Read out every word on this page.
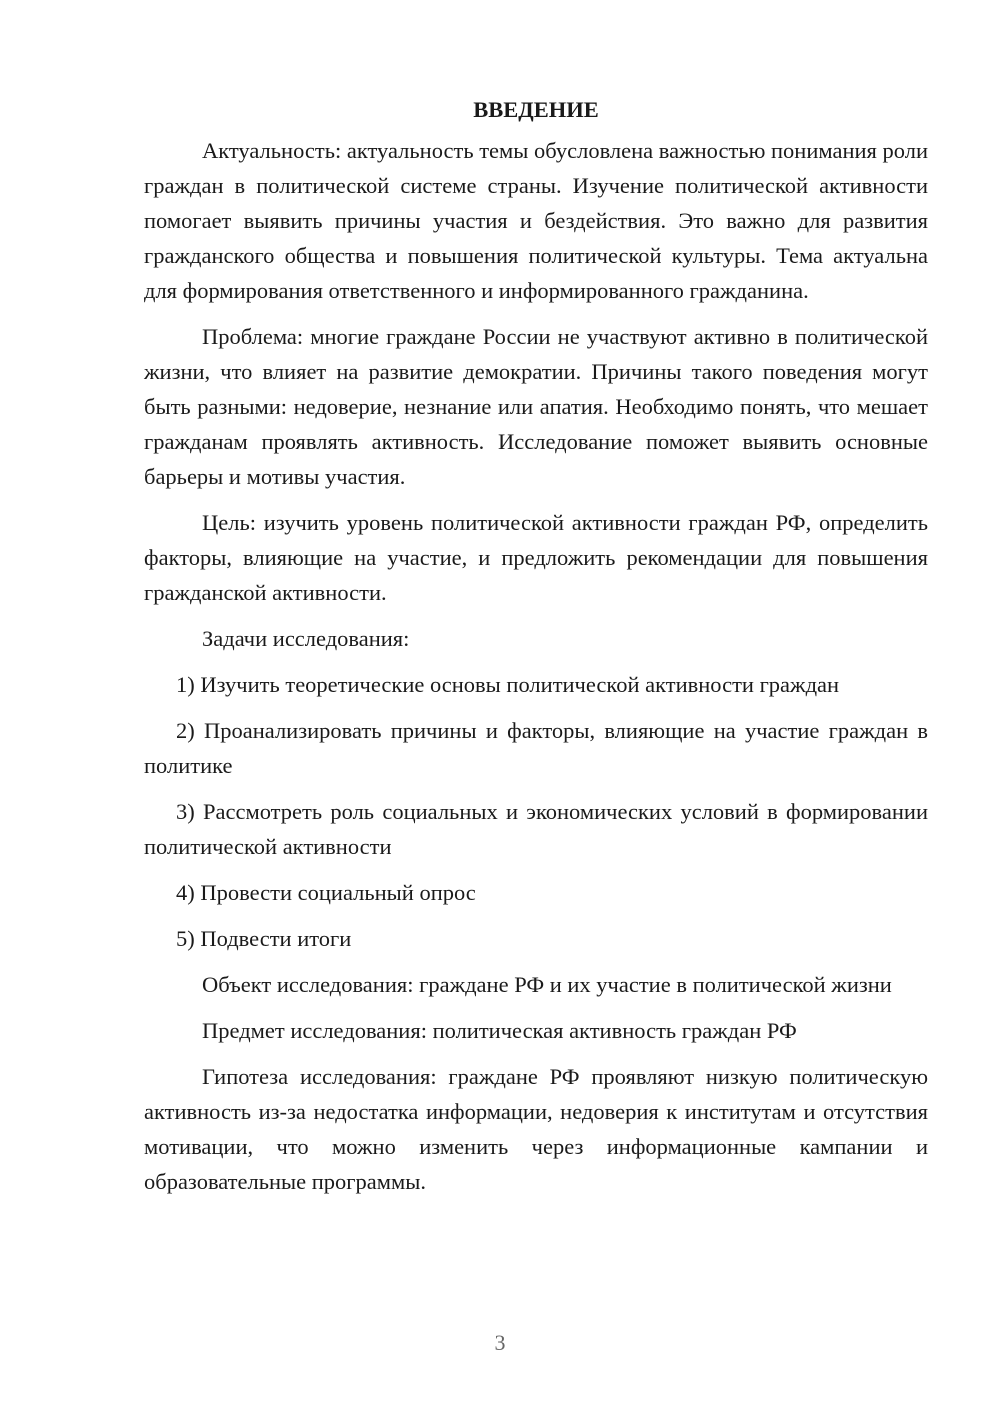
ВВЕДЕНИЕ

Актуальность: актуальность темы обусловлена важностью понимания роли граждан в политической системе страны. Изучение политической активности помогает выявить причины участия и бездействия. Это важно для развития гражданского общества и повышения политической культуры. Тема актуальна для формирования ответственного и информированного гражданина.

Проблема: многие граждане России не участвуют активно в политической жизни, что влияет на развитие демократии. Причины такого поведения могут быть разными: недоверие, незнание или апатия. Необходимо понять, что мешает гражданам проявлять активность. Исследование поможет выявить основные барьеры и мотивы участия.

Цель: изучить уровень политической активности граждан РФ, определить факторы, влияющие на участие, и предложить рекомендации для повышения гражданской активности.

Задачи исследования:

1) Изучить теоретические основы политической активности граждан

2) Проанализировать причины и факторы, влияющие на участие граждан в политике

3) Рассмотреть роль социальных и экономических условий в формировании политической активности

4) Провести социальный опрос

5) Подвести итоги

Объект исследования: граждане РФ и их участие в политической жизни

Предмет исследования: политическая активность граждан РФ

Гипотеза исследования: граждане РФ проявляют низкую политическую активность из-за недостатка информации, недоверия к институтам и отсутствия мотивации, что можно изменить через информационные кампании и образовательные программы.

3
